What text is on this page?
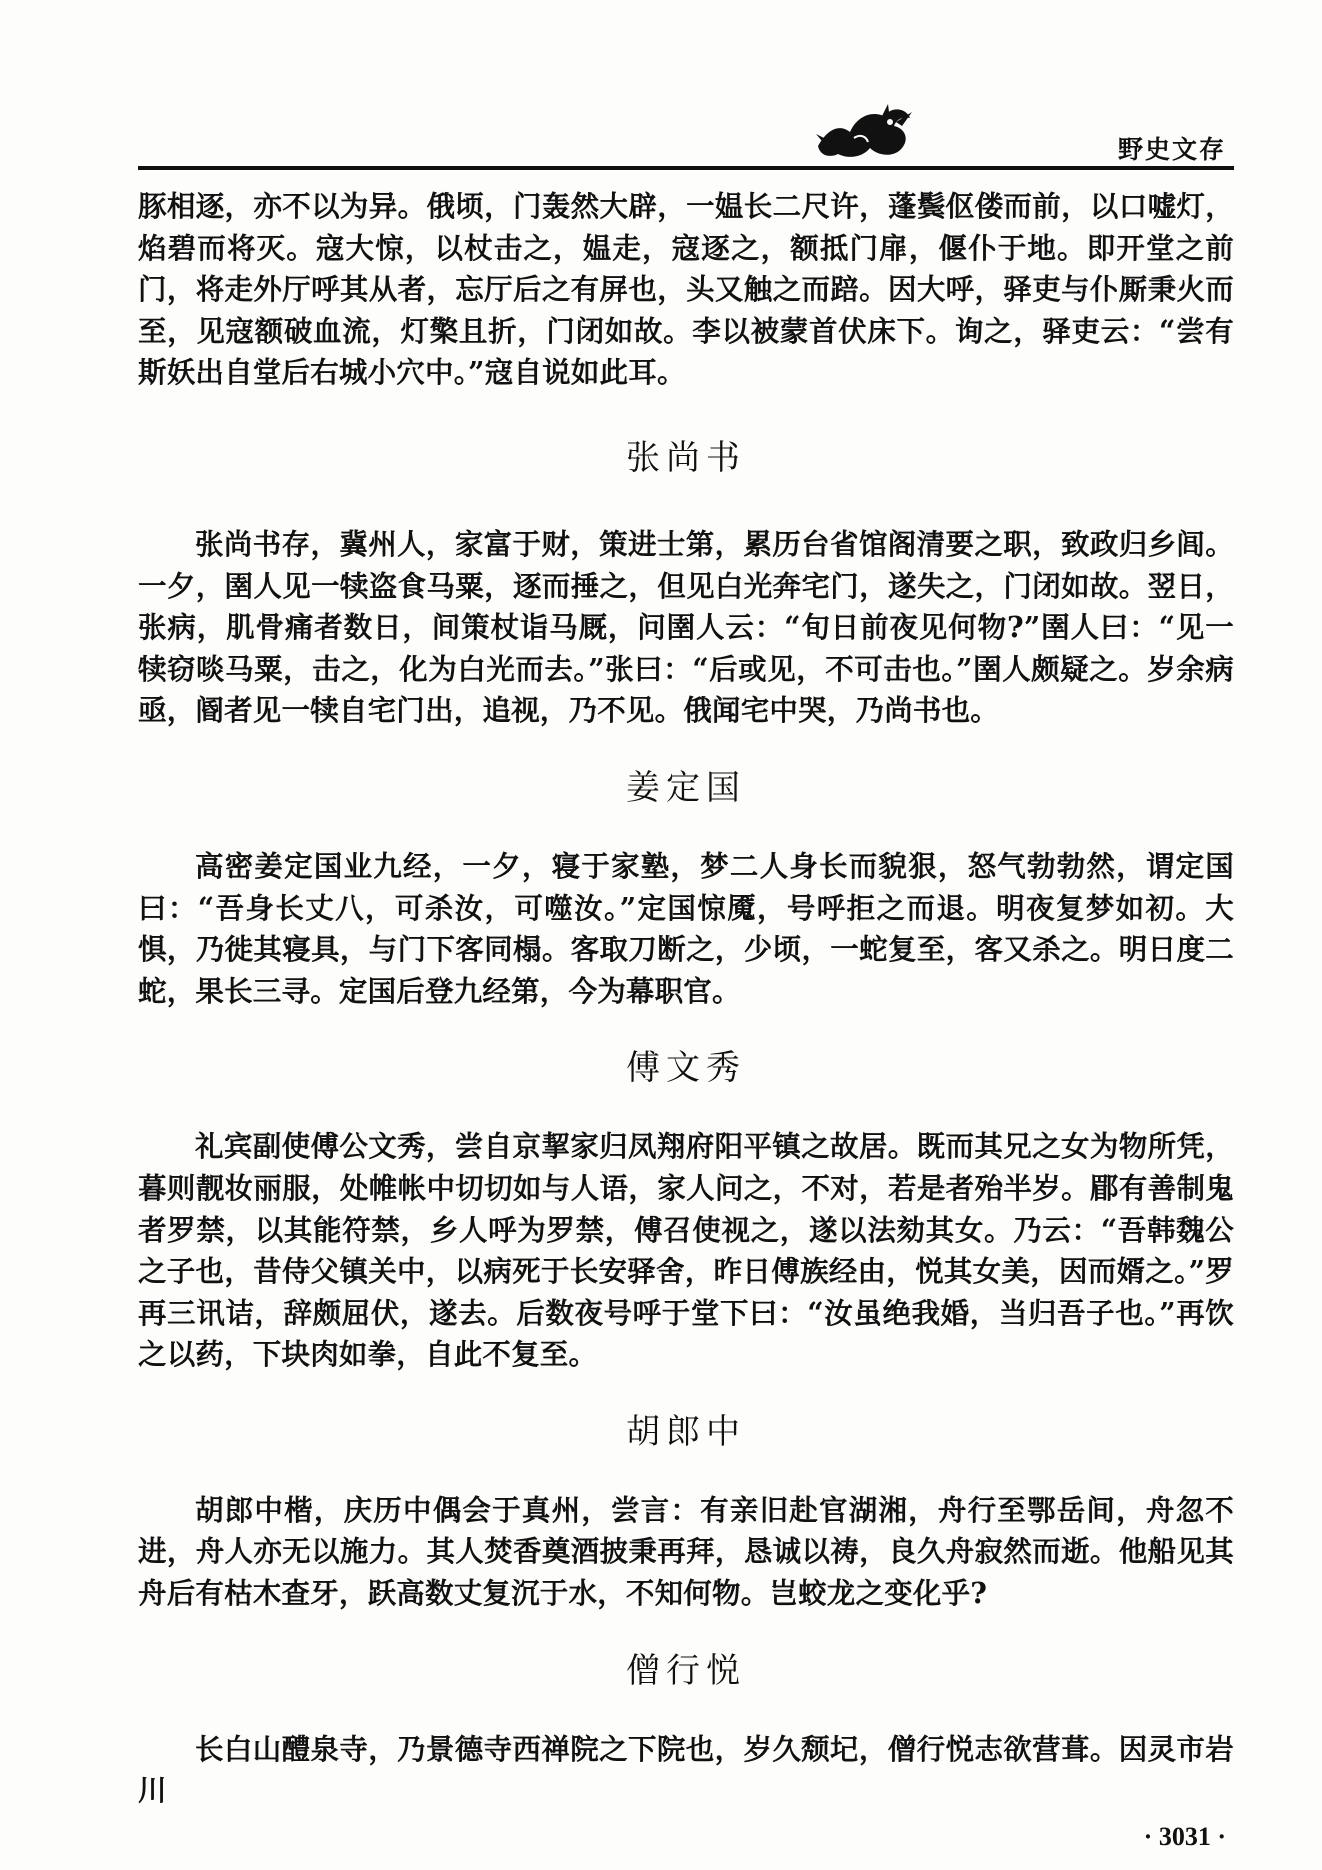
野史文存

豚相逐，亦不以为异。俄顷，门轰然大辟，一媪长二尺许，蓬鬓伛偻而前，以口嘘灯，焰碧而将灭。寇大惊，以杖击之，媪走，寇逐之，额抵门扉，偃仆于地。即开堂之前门，将走外厅呼其从者，忘厅后之有屏也，头又触之而踣。因大呼，驿吏与仆厮秉火而至，见寇额破血流，灯檠且折，门闭如故。李以被蒙首伏床下。询之，驿吏云：“尝有斯妖出自堂后右城小穴中。”寇自说如此耳。

张尚书

张尚书存，冀州人，家富于财，策进士第，累历台省馆阁清要之职，致政归乡闾。一夕，圉人见一犊盗食马粟，逐而捶之，但见白光奔宅门，遂失之，门闭如故。翌日，张病，肌骨痛者数日，间策杖诣马厩，问圉人云：“旬日前夜见何物?”圉人曰：“见一犊窃啖马粟，击之，化为白光而去。”张曰：“后或见，不可击也。”圉人颇疑之。岁余病亟，阍者见一犊自宅门出，追视，乃不见。俄闻宅中哭，乃尚书也。

姜定国

高密姜定国业九经，一夕，寝于家塾，梦二人身长而貌狠，怒气勃勃然，谓定国曰：“吾身长丈八，可杀汝，可噬汝。”定国惊魇，号呼拒之而退。明夜复梦如初。大惧，乃徙其寝具，与门下客同榻。客取刀断之，少顷，一蛇复至，客又杀之。明日度二蛇，果长三寻。定国后登九经第，今为幕职官。

傅文秀

礼宾副使傅公文秀，尝自京挈家归凤翔府阳平镇之故居。既而其兄之女为物所凭，暮则靓妆丽服，处帷帐中切切如与人语，家人问之，不对，若是者殆半岁。郿有善制鬼者罗禁，以其能符禁，乡人呼为罗禁，傅召使视之，遂以法劾其女。乃云：“吾韩魏公之子也，昔侍父镇关中，以病死于长安驿舍，昨日傅族经由，悦其女美，因而婿之。”罗再三讯诘，辞颇屈伏，遂去。后数夜号呼于堂下曰：“汝虽绝我婚，当归吾子也。”再饮之以药，下块肉如拳，自此不复至。

胡郎中

胡郎中楷，庆历中偶会于真州，尝言：有亲旧赴官湖湘，舟行至鄂岳间，舟忽不进，舟人亦无以施力。其人焚香奠酒披秉再拜，恳诚以祷，良久舟寂然而逝。他船见其舟后有枯木查牙，跃高数丈复沉于水，不知何物。岂蛟龙之变化乎?

僧行悦

长白山醴泉寺，乃景德寺西禅院之下院也，岁久颓圮，僧行悦志欲营葺。因灵市岩川

· 3031 ·
